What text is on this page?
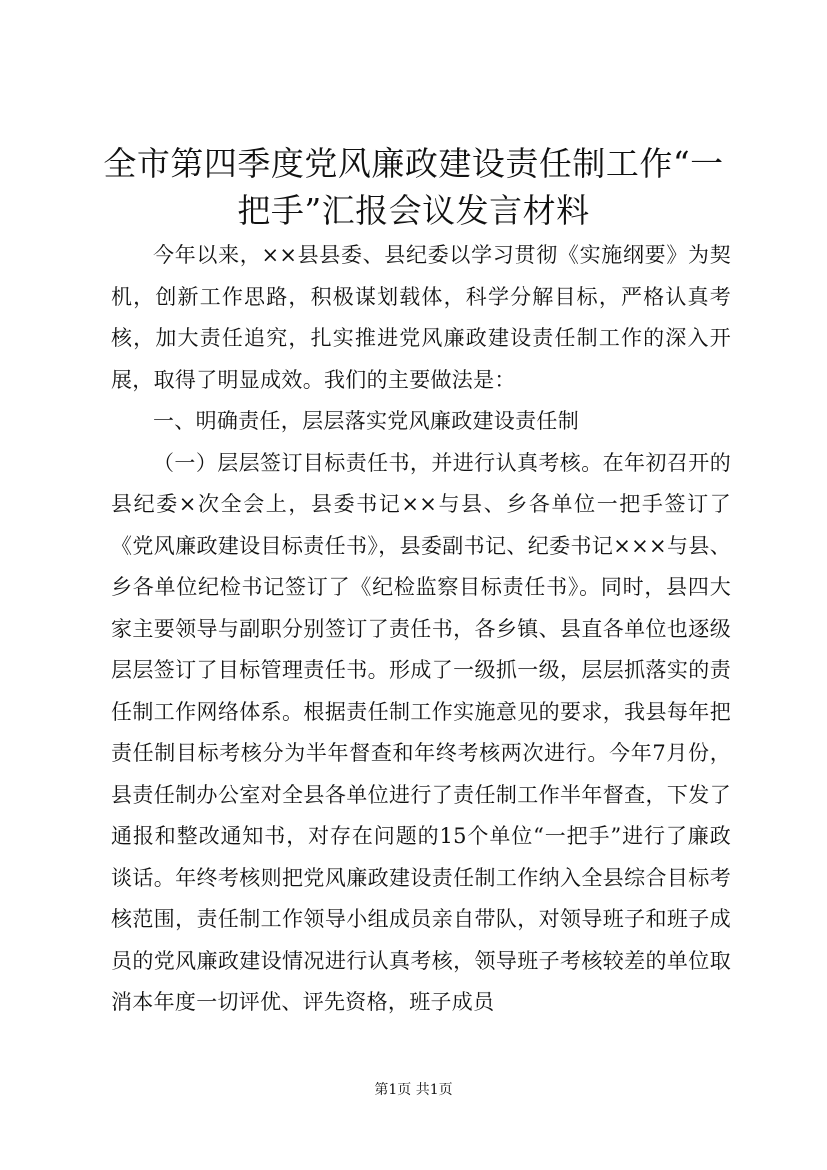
全市第四季度党风廉政建设责任制工作“一把手”汇报会议发言材料

今年以来，××县县委、县纪委以学习贯彻《实施纲要》为契机，创新工作思路，积极谋划载体，科学分解目标，严格认真考核，加大责任追究，扎实推进党风廉政建设责任制工作的深入开展，取得了明显成效。我们的主要做法是：

一、明确责任，层层落实党风廉政建设责任制

（一）层层签订目标责任书，并进行认真考核。在年初召开的县纪委×次全会上，县委书记××与县、乡各单位一把手签订了《党风廉政建设目标责任书》，县委副书记、纪委书记×××与县、乡各单位纪检书记签订了《纪检监察目标责任书》。同时，县四大家主要领导与副职分别签订了责任书，各乡镇、县直各单位也逐级层层签订了目标管理责任书。形成了一级抓一级，层层抓落实的责任制工作网络体系。根据责任制工作实施意见的要求，我县每年把责任制目标考核分为半年督查和年终考核两次进行。今年7月份，县责任制办公室对全县各单位进行了责任制工作半年督查，下发了通报和整改通知书，对存在问题的15个单位“一把手”进行了廉政谈话。年终考核则把党风廉政建设责任制工作纳入全县综合目标考核范围，责任制工作领导小组成员亲自带队，对领导班子和班子成员的党风廉政建设情况进行认真考核，领导班子考核较差的单位取消本年度一切评优、评先资格，班子成员

第1页 共1页
